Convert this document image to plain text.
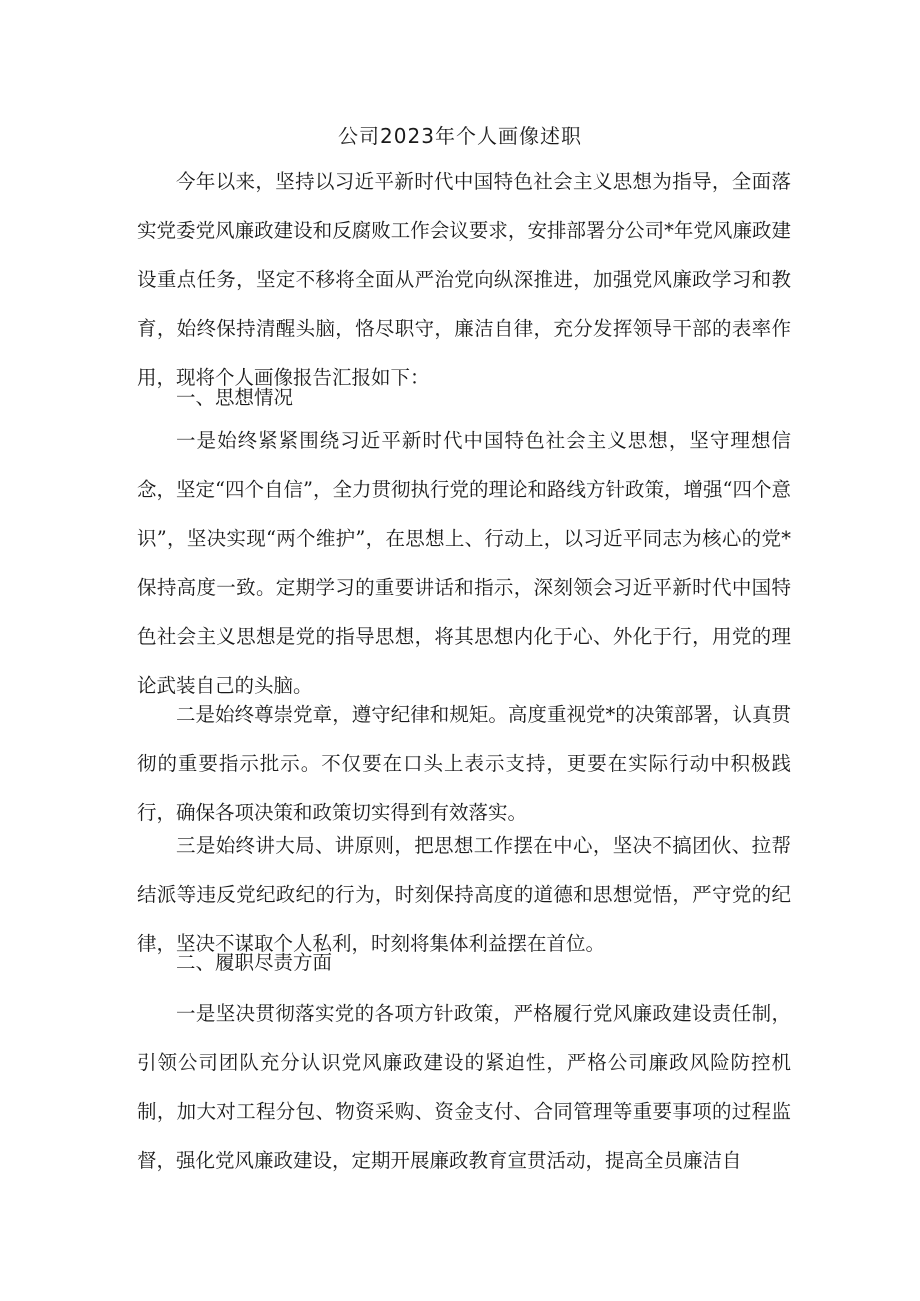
公司2023年个人画像述职

今年以来，坚持以习近平新时代中国特色社会主义思想为指导，全面落实党委党风廉政建设和反腐败工作会议要求，安排部署分公司*年党风廉政建设重点任务，坚定不移将全面从严治党向纵深推进，加强党风廉政学习和教育，始终保持清醒头脑，恪尽职守，廉洁自律，充分发挥领导干部的表率作用，现将个人画像报告汇报如下：

一、思想情况

一是始终紧紧围绕习近平新时代中国特色社会主义思想，坚守理想信念，坚定“四个自信”，全力贯彻执行党的理论和路线方针政策，增强“四个意识”，坚决实现“两个维护”，在思想上、行动上，以习近平同志为核心的党*保持高度一致。定期学习的重要讲话和指示，深刻领会习近平新时代中国特色社会主义思想是党的指导思想，将其思想内化于心、外化于行，用党的理论武装自己的头脑。

二是始终尊崇党章，遵守纪律和规矩。高度重视党*的决策部署，认真贯彻的重要指示批示。不仅要在口头上表示支持，更要在实际行动中积极践行，确保各项决策和政策切实得到有效落实。

三是始终讲大局、讲原则，把思想工作摆在中心，坚决不搞团伙、拉帮结派等违反党纪政纪的行为，时刻保持高度的道德和思想觉悟，严守党的纪律，坚决不谋取个人私利，时刻将集体利益摆在首位。

二、履职尽责方面

一是坚决贯彻落实党的各项方针政策，严格履行党风廉政建设责任制，引领公司团队充分认识党风廉政建设的紧迫性，严格公司廉政风险防控机制，加大对工程分包、物资采购、资金支付、合同管理等重要事项的过程监督，强化党风廉政建设，定期开展廉政教育宣贯活动，提高全员廉洁自
